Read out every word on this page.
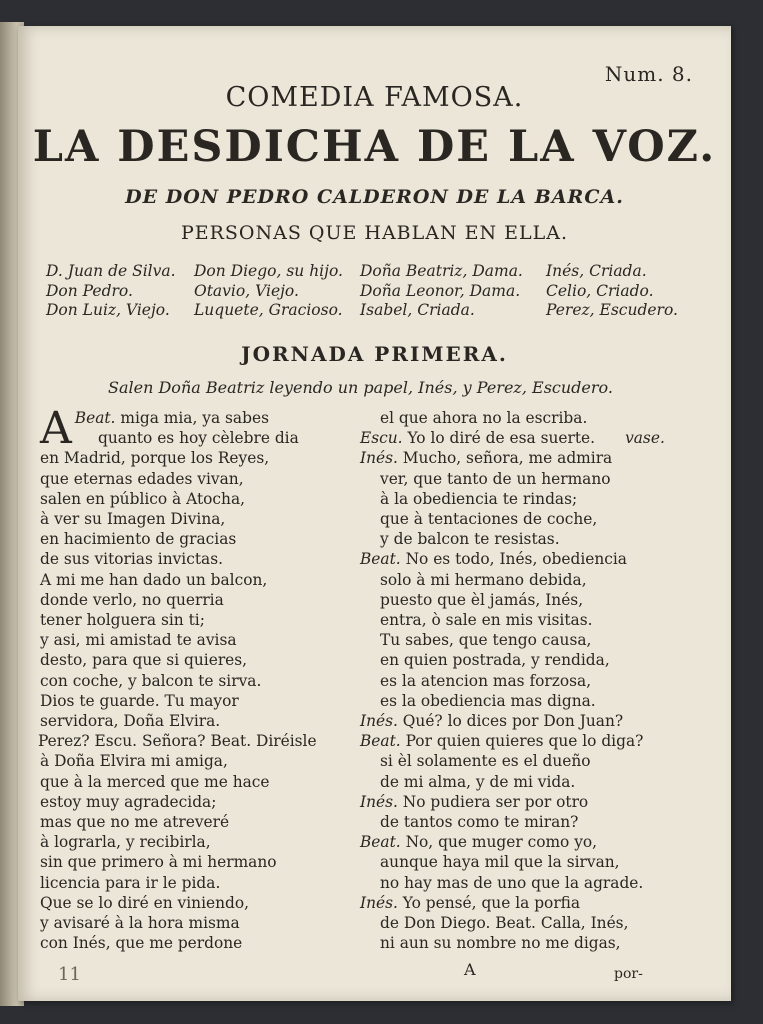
Num. 8.
COMEDIA FAMOSA.
LA DESDICHA DE LA VOZ.
DE DON PEDRO CALDERON DE LA BARCA.
PERSONAS QUE HABLAN EN ELLA.
D. Juan de Silva.
Don Pedro.
Don Luiz, Viejo.
Don Diego, su hijo.
Otavio, Viejo.
Luquete, Gracioso.
Doña Beatriz, Dama.
Doña Leonor, Dama.
Isabel, Criada.
Inés, Criada.
Celio, Criado.
Perez, Escudero.
JORNADA PRIMERA.
Salen Doña Beatriz leyendo un papel, Inés, y Perez, Escudero.
Beat.
A	miga mia, ya sabes
quanto es hoy cèlebre dia
en Madrid, porque los Reyes,
que eternas edades vivan,
salen en público à Atocha,
à ver su Imagen Divina,
en hacimiento de gracias
de sus vitorias invictas.
A mi me han dado un balcon,
donde verlo, no querria
tener holguera sin ti;
y asi, mi amistad te avisa
desto, para que si quieres,
con coche, y balcon te sirva.
Dios te guarde. Tu mayor
servidora, Doña Elvira.
Perez? Escu. Señora? Beat. Diréisle
à Doña Elvira mi amiga,
que à la merced que me hace
estoy muy agradecida;
mas que no me atreveré
à lograrla, y recibirla,
sin que primero à mi hermano
licencia para ir le pida.
Que se lo diré en viniendo,
y avisaré à la hora misma
con Inés, que me perdone
el que ahora no la escriba.
Escu. Yo lo diré de esa suerte. vase.
Inés. Mucho, señora, me admira
ver, que tanto de un hermano
à la obediencia te rindas;
que à tentaciones de coche,
y de balcon te resistas.
Beat. No es todo, Inés, obediencia
solo à mi hermano debida,
puesto que èl jamás, Inés,
entra, ò sale en mis visitas.
Tu sabes, que tengo causa,
en quien postrada, y rendida,
es la atencion mas forzosa,
es la obediencia mas digna.
Inés. Qué? lo dices por Don Juan?
Beat. Por quien quieres que lo diga?
si èl solamente es el dueño
de mi alma, y de mi vida.
Inés. No pudiera ser por otro
de tantos como te miran?
Beat. No, que muger como yo,
aunque haya mil que la sirvan,
no hay mas de uno que la agrade.
Inés. Yo pensé, que la porfia
de Don Diego. Beat. Calla, Inés,
ni aun su nombre no me digas,
A	por-
11
